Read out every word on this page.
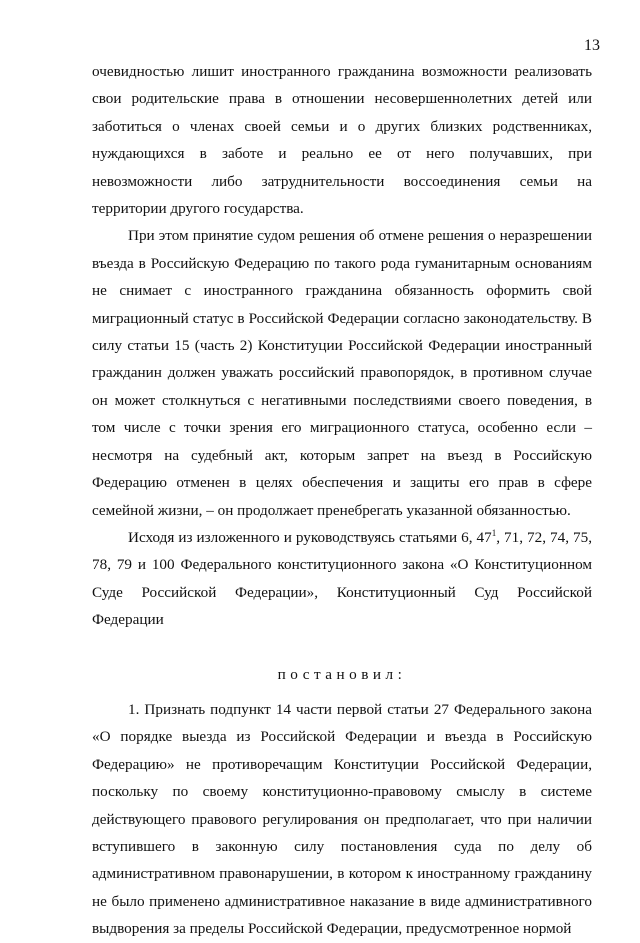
13

очевидностью лишит иностранного гражданина возможности реализовать свои родительские права в отношении несовершеннолетних детей или заботиться о членах своей семьи и о других близких родственниках, нуждающихся в заботе и реально ее от него получавших, при невозможности либо затруднительности воссоединения семьи на территории другого государства.

При этом принятие судом решения об отмене решения о неразрешении въезда в Российскую Федерацию по такого рода гуманитарным основаниям не снимает с иностранного гражданина обязанность оформить свой миграционный статус в Российской Федерации согласно законодательству. В силу статьи 15 (часть 2) Конституции Российской Федерации иностранный гражданин должен уважать российский правопорядок, в противном случае он может столкнуться с негативными последствиями своего поведения, в том числе с точки зрения его миграционного статуса, особенно если – несмотря на судебный акт, которым запрет на въезд в Российскую Федерацию отменен в целях обеспечения и защиты его прав в сфере семейной жизни, – он продолжает пренебрегать указанной обязанностью.

Исходя из изложенного и руководствуясь статьями 6, $47^1$, 71, 72, 74, 75, 78, 79 и 100 Федерального конституционного закона «О Конституционном Суде Российской Федерации», Конституционный Суд Российской Федерации

постановил:

1. Признать подпункт 14 части первой статьи 27 Федерального закона «О порядке выезда из Российской Федерации и въезда в Российскую Федерацию» не противоречащим Конституции Российской Федерации, поскольку по своему конституционно-правовому смыслу в системе действующего правового регулирования он предполагает, что при наличии вступившего в законную силу постановления суда по делу об административном правонарушении, в котором к иностранному гражданину не было применено административное наказание в виде административного выдворения за пределы Российской Федерации, предусмотренное нормой
